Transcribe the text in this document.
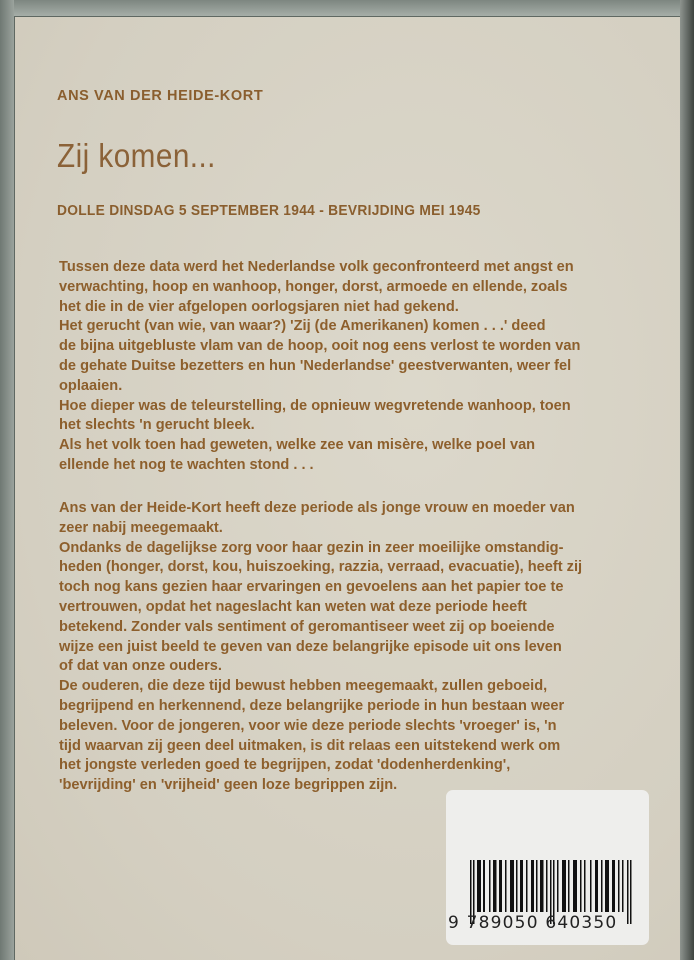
ANS VAN DER HEIDE-KORT
Zij komen...
DOLLE DINSDAG 5 SEPTEMBER 1944 - BEVRIJDING MEI 1945

Tussen deze data werd het Nederlandse volk geconfronteerd met angst en

verwachting, hoop en wanhoop, honger, dorst, armoede en ellende, zoals

het die in de vier afgelopen oorlogsjaren niet had gekend.

Het gerucht (van wie, van waar?) 'Zij (de Amerikanen) komen . . .' deed

de bijna uitgebluste vlam van de hoop, ooit nog eens verlost te worden van

de gehate Duitse bezetters en hun 'Nederlandse' geestverwanten, weer fel

oplaaien.

Hoe dieper was de teleurstelling, de opnieuw wegvretende wanhoop, toen

het slechts 'n gerucht bleek.

Als het volk toen had geweten, welke zee van misère, welke poel van

ellende het nog te wachten stond . . .

Ans van der Heide-Kort heeft deze periode als jonge vrouw en moeder van

zeer nabij meegemaakt.

Ondanks de dagelijkse zorg voor haar gezin in zeer moeilijke omstandig-

heden (honger, dorst, kou, huiszoeking, razzia, verraad, evacuatie), heeft zij

toch nog kans gezien haar ervaringen en gevoelens aan het papier toe te

vertrouwen, opdat het nageslacht kan weten wat deze periode heeft

betekend. Zonder vals sentiment of geromantiseer weet zij op boeiende

wijze een juist beeld te geven van deze belangrijke episode uit ons leven

of dat van onze ouders.

De ouderen, die deze tijd bewust hebben meegemaakt, zullen geboeid,

begrijpend en herkennend, deze belangrijke periode in hun bestaan weer

beleven. Voor de jongeren, voor wie deze periode slechts 'vroeger' is, 'n

tijd waarvan zij geen deel uitmaken, is dit relaas een uitstekend werk om

het jongste verleden goed te begrijpen, zodat 'dodenherdenking',

'bevrijding' en 'vrijheid' geen loze begrippen zijn.

9 789050 640350
